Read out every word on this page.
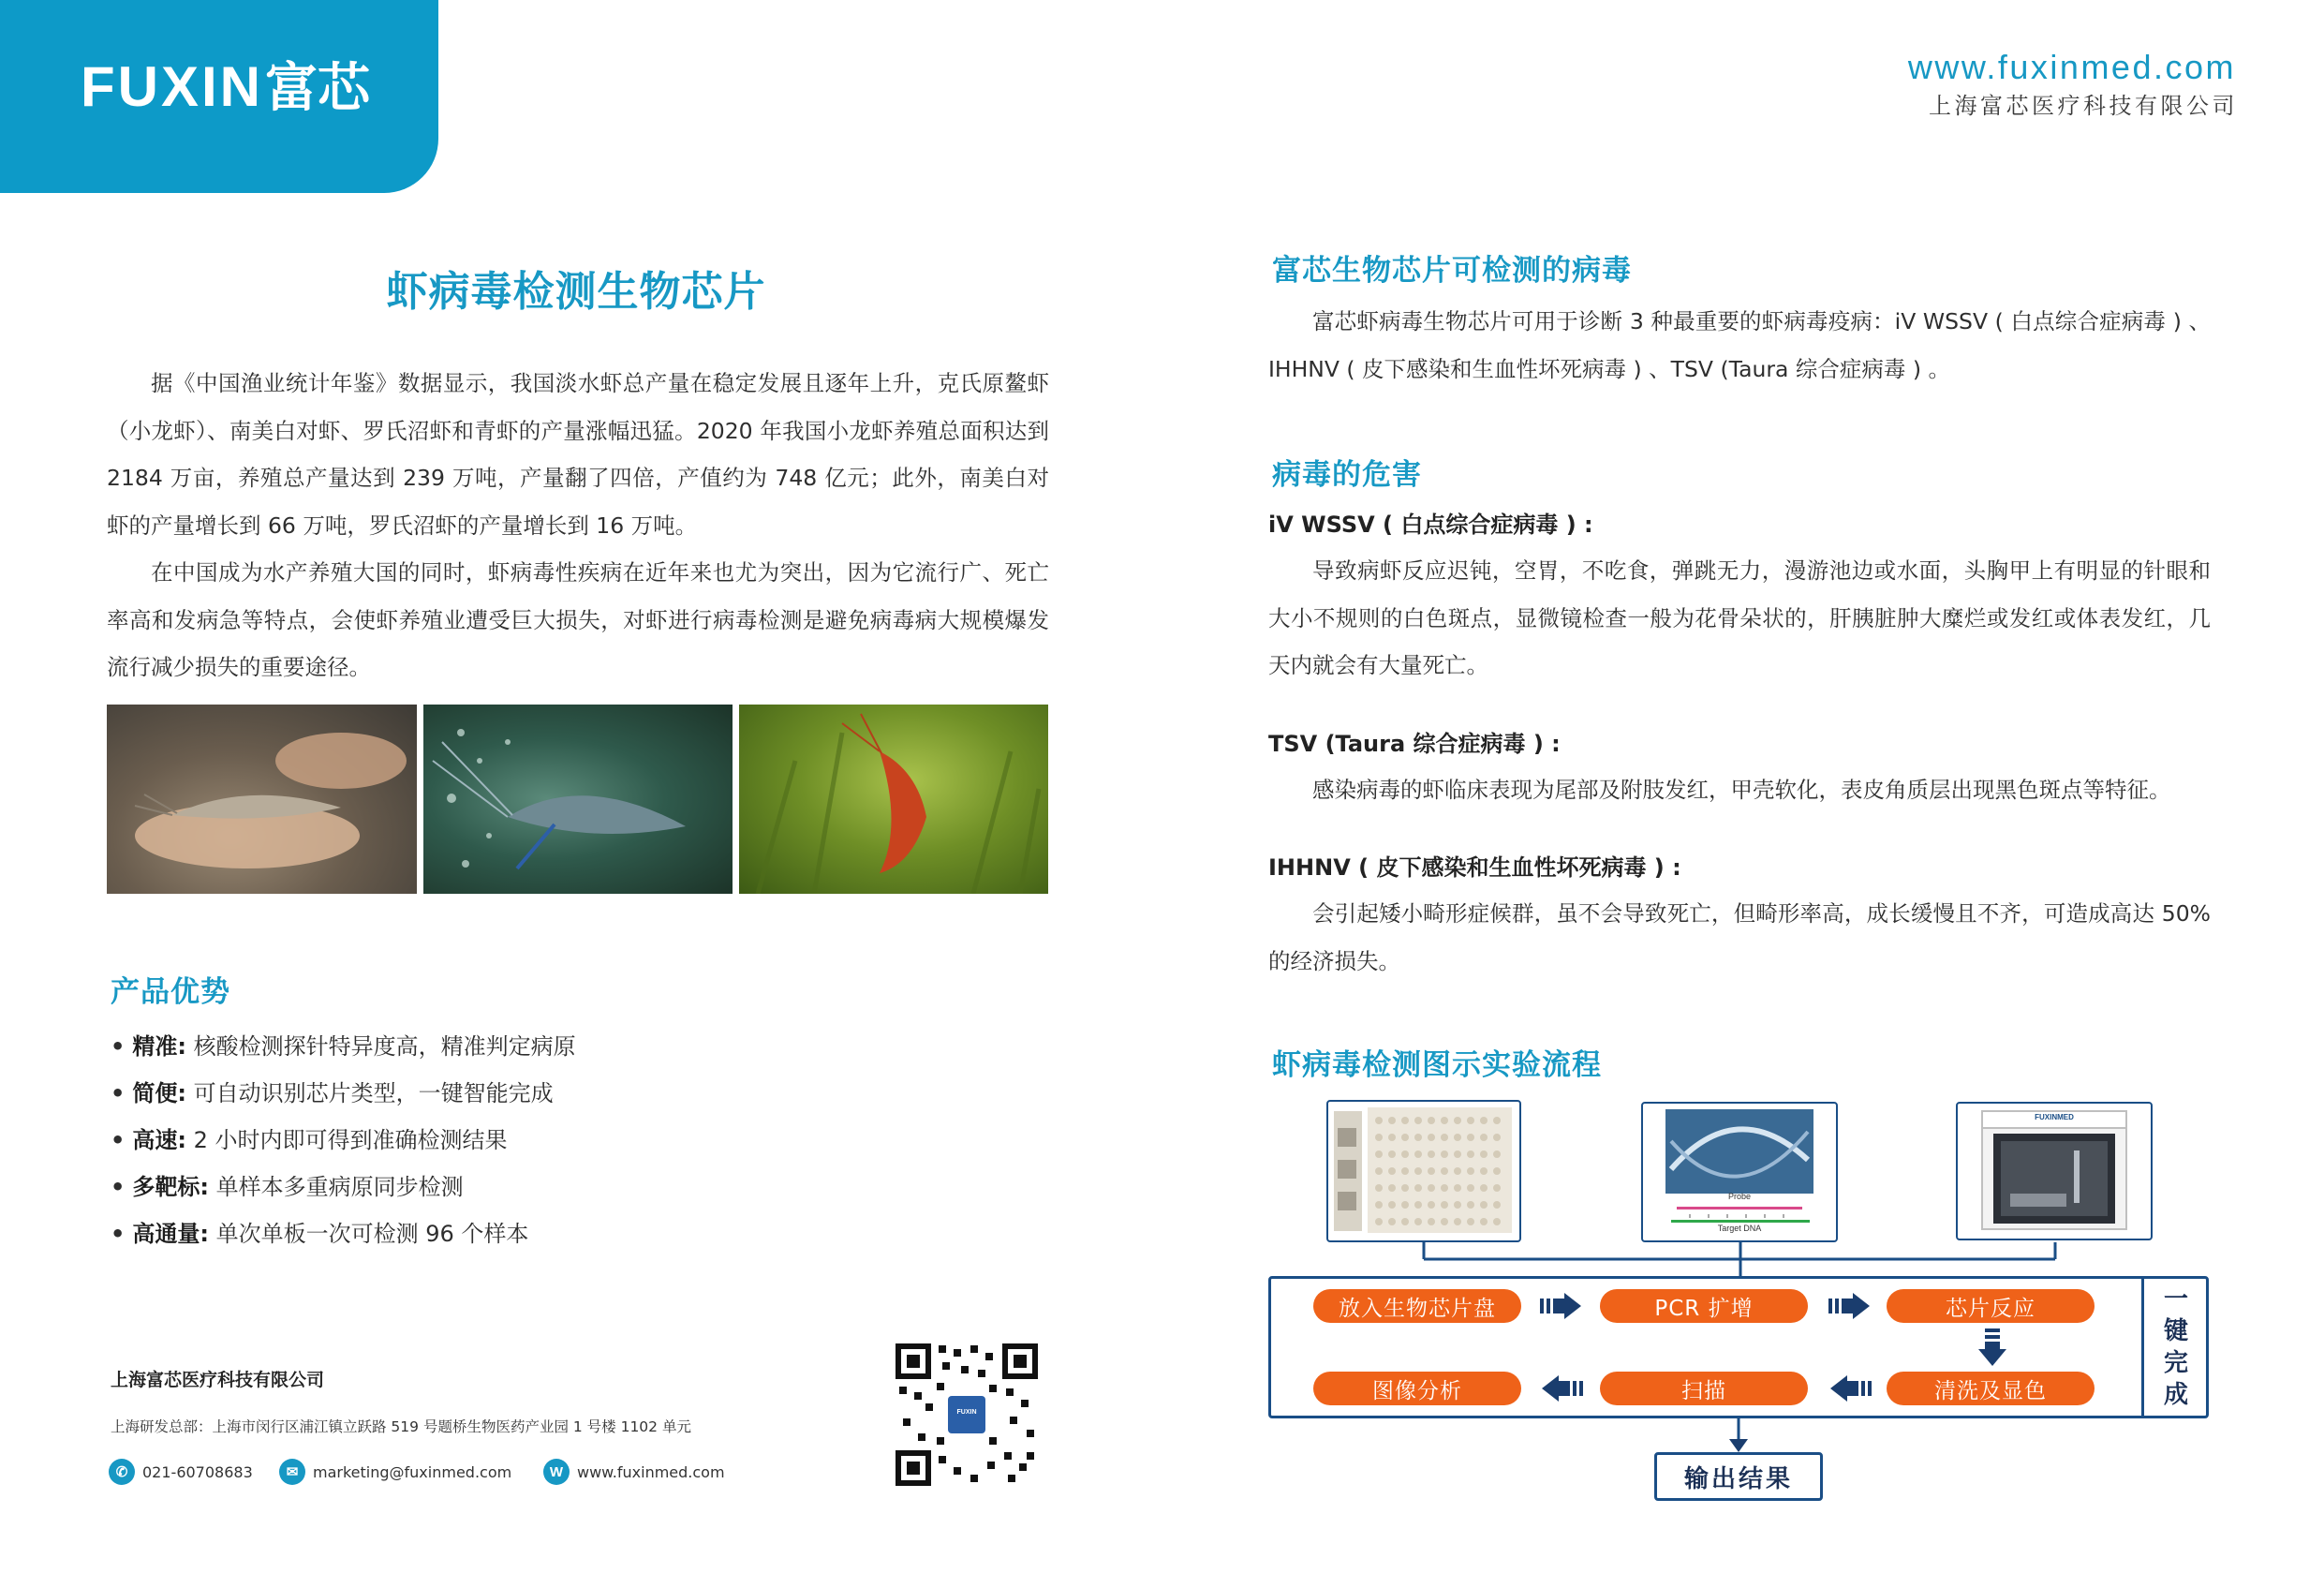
FUXIN富芯	www.fuxinmed.com
上海富芯医疗科技有限公司
虾病毒检测生物芯片

据《中国渔业统计年鉴》数据显示，我国淡水虾总产量在稳定发展且逐年上升，克氏原鳌虾（小龙虾）、南美白对虾、罗氏沼虾和青虾的产量涨幅迅猛。2020 年我国小龙虾养殖总面积达到 2184 万亩，养殖总产量达到 239 万吨，产量翻了四倍，产值约为 748 亿元；此外，南美白对虾的产量增长到 66 万吨，罗氏沼虾的产量增长到 16 万吨。

在中国成为水产养殖大国的同时，虾病毒性疾病在近年来也尤为突出，因为它流行广、死亡率高和发病急等特点，会使虾养殖业遭受巨大损失，对虾进行病毒检测是避免病毒病大规模爆发流行减少损失的重要途径。

产品优势
• 精准: 核酸检测探针特异度高，精准判定病原
• 简便: 可自动识别芯片类型，一键智能完成
• 高速: 2 小时内即可得到准确检测结果
• 多靶标: 单样本多重病原同步检测
• 高通量: 单次单板一次可检测 96 个样本
上海富芯医疗科技有限公司
上海研发总部：上海市闵行区浦江镇立跃路 519 号题桥生物医药产业园 1 号楼 1102 单元
✆ 021-60708683	✉ marketing@fuxinmed.com	W www.fuxinmed.com
FUXIN
富芯生物芯片可检测的病毒

富芯虾病毒生物芯片可用于诊断 3 种最重要的虾病毒疫病：iV WSSV ( 白点综合症病毒 ) 、IHHNV ( 皮下感染和生血性坏死病毒 ) 、TSV (Taura 综合症病毒 ) 。

病毒的危害
iV WSSV ( 白点综合症病毒 ) :

导致病虾反应迟钝，空胃，不吃食，弹跳无力，漫游池边或水面，头胸甲上有明显的针眼和大小不规则的白色斑点，显微镜检查一般为花骨朵状的，肝胰脏肿大糜烂或发红或体表发红，几天内就会有大量死亡。

TSV (Taura 综合症病毒 ) :

感染病毒的虾临床表现为尾部及附肢发红，甲壳软化，表皮角质层出现黑色斑点等特征。

IHHNV ( 皮下感染和生血性坏死病毒 ) :

会引起矮小畸形症候群，虽不会导致死亡，但畸形率高，成长缓慢且不齐，可造成高达 50% 的经济损失。

虾病毒检测图示实验流程
Probe
Target DNA
FUXINMED
一
键
完
成
放入生物芯片盘	PCR 扩增	芯片反应
图像分析	扫描	清洗及显色
输出结果
